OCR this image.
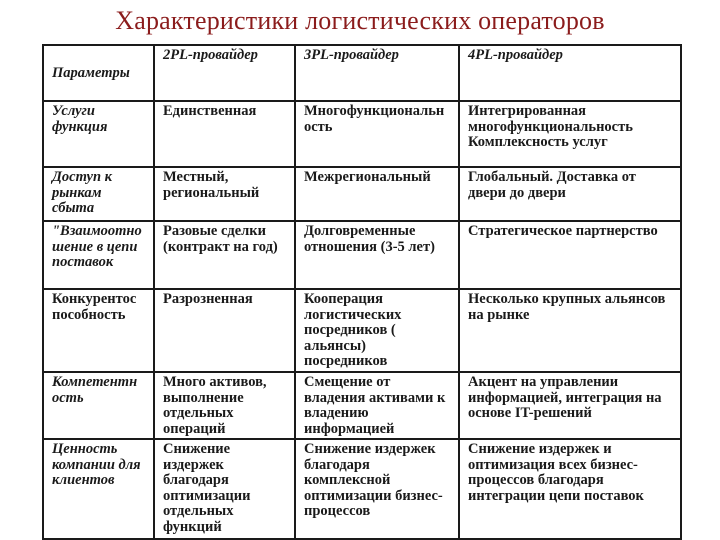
Характеристики логистических операторов
Параметры	2PL-провайдер	3PL-провайдер	4PL-провайдер
Услуги функция	Единственная	Многофункциональн ость	Интегрированная многофункциональность Комплексность услуг
Доступ к рынкам сбыта	Местный, региональный	Межрегиональный	Глобальный. Доставка от двери до двери
"Взаимоотно шение в цепи поставок	Разовые сделки (контракт на год)	Долговременные отношения (3-5 лет)	Стратегическое партнерство
Конкурентос пособность	Разрозненная	Кооперация логистических посредников ( альянсы) посредников	Несколько крупных альянсов на рынке
Компетентн ость	Много активов, выполнение отдельных операций	Смещение от владения активами к владению информацией	Акцент на управлении информацией, интеграция на основе IT-решений
Ценность компании для клиентов	Снижение издержек благодаря оптимизации отдельных функций	Снижение издержек благодаря комплексной оптимизации бизнес-процессов	Снижение издержек и оптимизация всех бизнес-процессов благодаря интеграции цепи поставок
